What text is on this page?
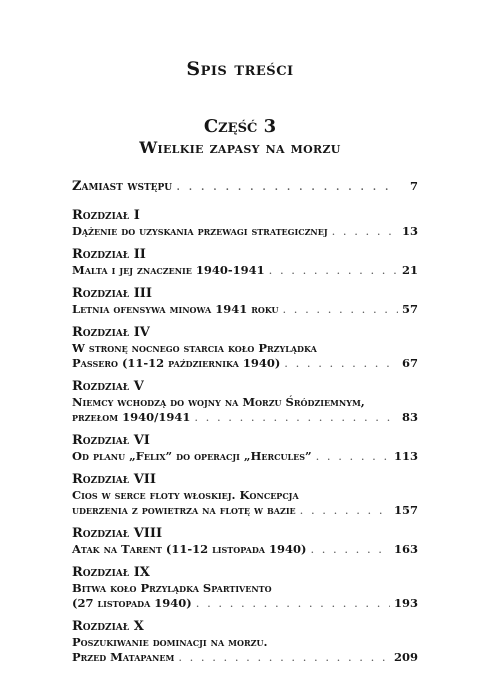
Spis treści
Część 3
Wielkie zapasy na morzu
Zamiast wstępu . . .	7
Rozdział I
Dążenie do uzyskania przewagi strategicznej . . .	13
Rozdział II
Malta i jej znaczenie 1940-1941 . . .	21
Rozdział III
Letnia ofensywa minowa 1941 roku . . .	57
Rozdział IV
W stronę nocnego starcia koło Przylądka
Passero (11-12 października 1940) . . .	67
Rozdział V
Niemcy wchodzą do wojny na Morzu Śródziemnym,
przełom 1940/1941 . . .	83
Rozdział VI
Od planu „Felix” do operacji „Hercules” . . .	113
Rozdział VII
Cios w serce floty włoskiej. Koncepcja
uderzenia z powietrza na flotę w bazie . . .	157
Rozdział VIII
Atak na Tarent (11-12 listopada 1940) . . .	163
Rozdział IX
Bitwa koło Przylądka Spartivento
(27 listopada 1940) . . .	193
Rozdział X
Poszukiwanie dominacji na morzu.
Przed Matapanem . . .	209
